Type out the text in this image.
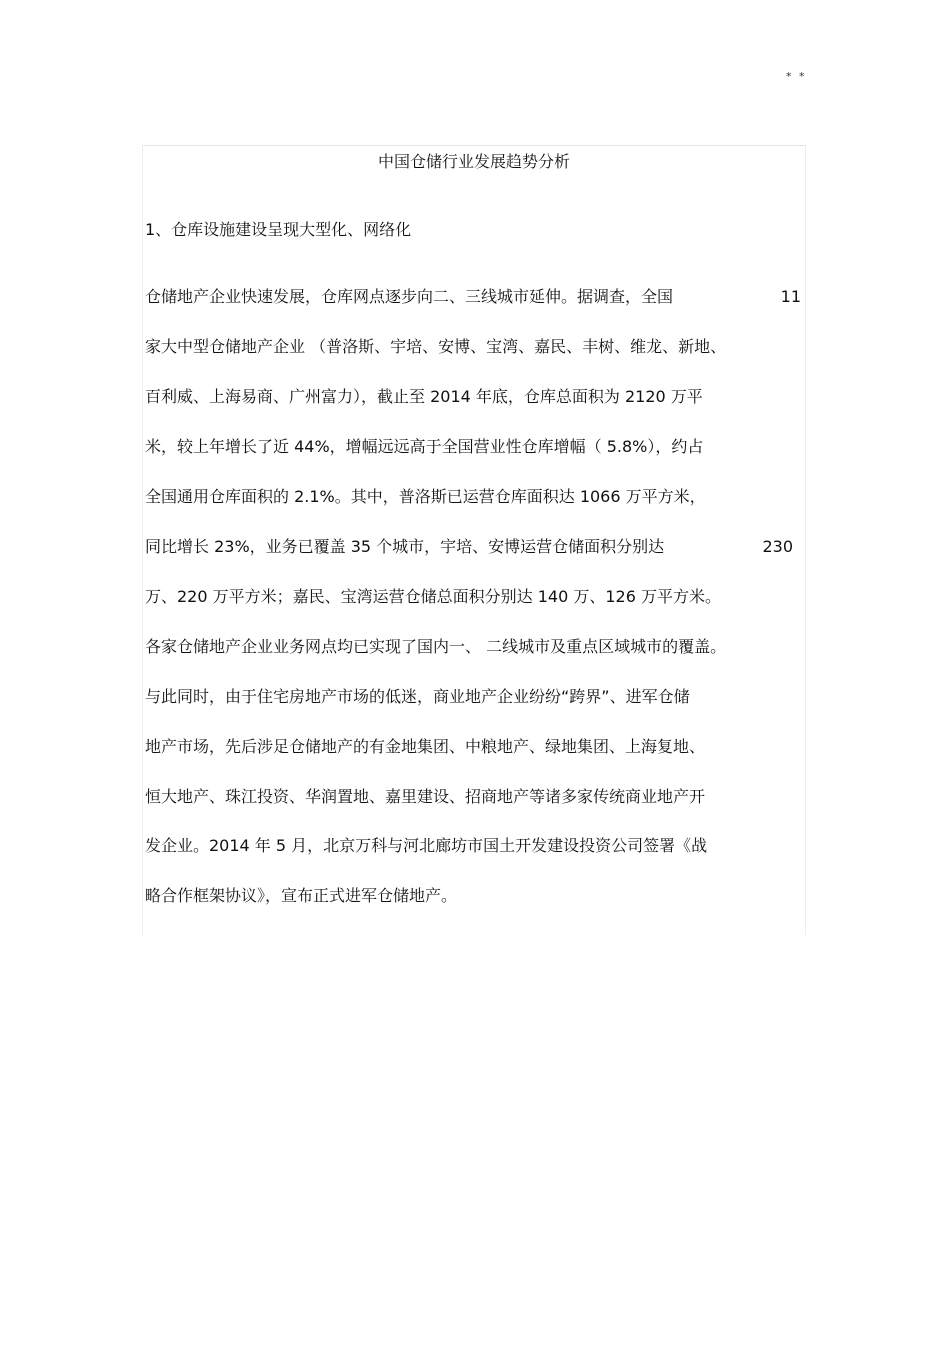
* *
中国仓储行业发展趋势分析
1、仓库设施建设呈现大型化、网络化
仓储地产企业快速发展，仓库网点逐步向二、三线城市延伸。据调查，全国	11
家大中型仓储地产企业 （普洛斯、宇培、安博、宝湾、嘉民、丰树、维龙、新地、
百利威、上海易商、广州富力），截止至 2014 年底，仓库总面积为 2120 万平
米，较上年增长了近 44%，增幅远远高于全国营业性仓库增幅（ 5.8%），约占
全国通用仓库面积的 2.1%。其中，普洛斯已运营仓库面积达 1066 万平方米，
同比增长 23%，业务已覆盖 35 个城市，宇培、安博运营仓储面积分别达	230
万、220 万平方米；嘉民、宝湾运营仓储总面积分别达 140 万、126 万平方米。
各家仓储地产企业业务网点均已实现了国内一、 二线城市及重点区域城市的覆盖。
与此同时，由于住宅房地产市场的低迷，商业地产企业纷纷“跨界”、进军仓储
地产市场，先后涉足仓储地产的有金地集团、中粮地产、绿地集团、上海复地、
恒大地产、珠江投资、华润置地、嘉里建设、招商地产等诸多家传统商业地产开
发企业。2014 年 5 月，北京万科与河北廊坊市国土开发建设投资公司签署《战
略合作框架协议》，宣布正式进军仓储地产。
